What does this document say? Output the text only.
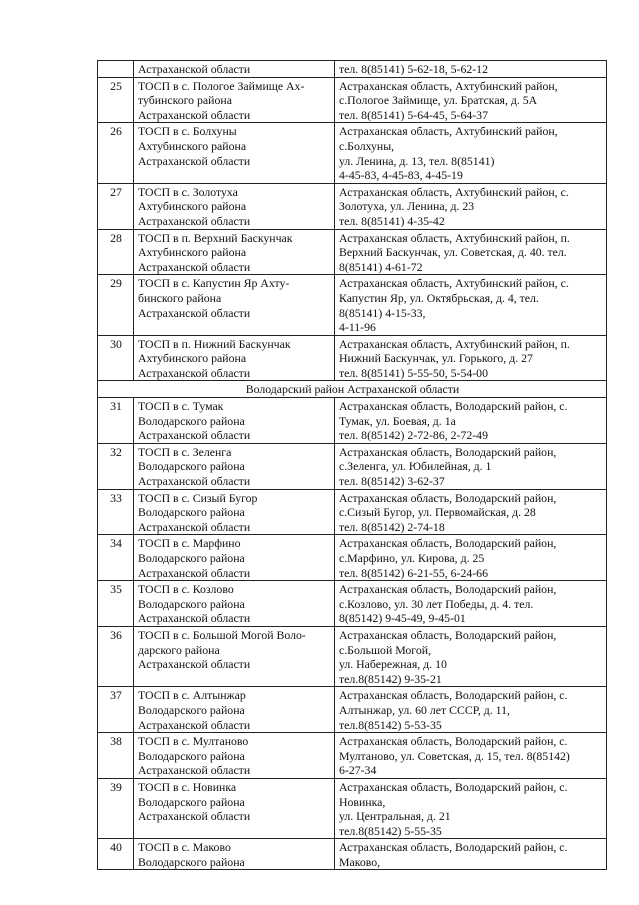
	Астраханской области	тел. 8(85141) 5-62-18, 5-62-12
25	ТОСП в с. Пологое Займище Ах-
тубинского района
Астраханской области	Астраханская область, Ахтубинский район,
с.Пологое Займище, ул. Братская, д. 5А
тел. 8(85141) 5-64-45, 5-64-37
26	ТОСП в с. Болхуны
Ахтубинского района
Астраханской области	Астраханская область, Ахтубинский район,
с.Болхуны,
ул. Ленина, д. 13, тел. 8(85141)
4-45-83, 4-45-83, 4-45-19
27	ТОСП в с. Золотуха
Ахтубинского района
Астраханской области	Астраханская область, Ахтубинский район, с.
Золотуха, ул. Ленина, д. 23
тел. 8(85141) 4-35-42
28	ТОСП в п. Верхний Баскунчак
Ахтубинского района
Астраханской области	Астраханская область, Ахтубинский район, п.
Верхний Баскунчак, ул. Советская, д. 40. тел.
8(85141) 4-61-72
29	ТОСП в с. Капустин Яр Ахту-
бинского района
Астраханской области	Астраханская область, Ахтубинский район, с.
Капустин Яр, ул. Октябрьская, д. 4, тел.
8(85141) 4-15-33,
4-11-96
30	ТОСП в п. Нижний Баскунчак
Ахтубинского района
Астраханской области	Астраханская область, Ахтубинский район, п.
Нижний Баскунчак, ул. Горького, д. 27
тел. 8(85141) 5-55-50, 5-54-00
Володарский район Астраханской области		
31	ТОСП в с. Тумак
Володарского района
Астраханской области	Астраханская область, Володарский район, с.
Тумак, ул. Боевая, д. 1а
тел. 8(85142) 2-72-86, 2-72-49
32	ТОСП в с. Зеленга
Володарского района
Астраханской области	Астраханская область, Володарский район,
с.Зеленга, ул. Юбилейная, д. 1
тел. 8(85142) 3-62-37
33	ТОСП в с. Сизый Бугор
Володарского района
Астраханской области	Астраханская область, Володарский район,
с.Сизый Бугор, ул. Первомайская, д. 28
тел. 8(85142) 2-74-18
34	ТОСП в с. Марфино
Володарского района
Астраханской области	Астраханская область, Володарский район,
с.Марфино, ул. Кирова, д. 25
тел. 8(85142) 6-21-55, 6-24-66
35	ТОСП в с. Козлово
Володарского района
Астраханской области	Астраханская область, Володарский район,
с.Козлово, ул. 30 лет Победы, д. 4. тел.
8(85142) 9-45-49, 9-45-01
36	ТОСП в с. Большой Могой Воло-
дарского района
Астраханской области	Астраханская область, Володарский район,
с.Большой Могой,
ул. Набережная, д. 10
тел.8(85142) 9-35-21
37	ТОСП в с. Алтынжар
Володарского района
Астраханской области	Астраханская область, Володарский район, с.
Алтынжар, ул. 60 лет СССР, д. 11,
тел.8(85142) 5-53-35
38	ТОСП в с. Мултаново
Володарского района
Астраханской области	Астраханская область, Володарский район, с.
Мултаново, ул. Советская, д. 15, тел. 8(85142)
6-27-34
39	ТОСП в с. Новинка
Володарского района
Астраханской области	Астраханская область, Володарский район, с.
Новинка,
ул. Центральная, д. 21
тел.8(85142) 5-55-35
40	ТОСП в с. Маково
Володарского района	Астраханская область, Володарский район, с.
Маково,
